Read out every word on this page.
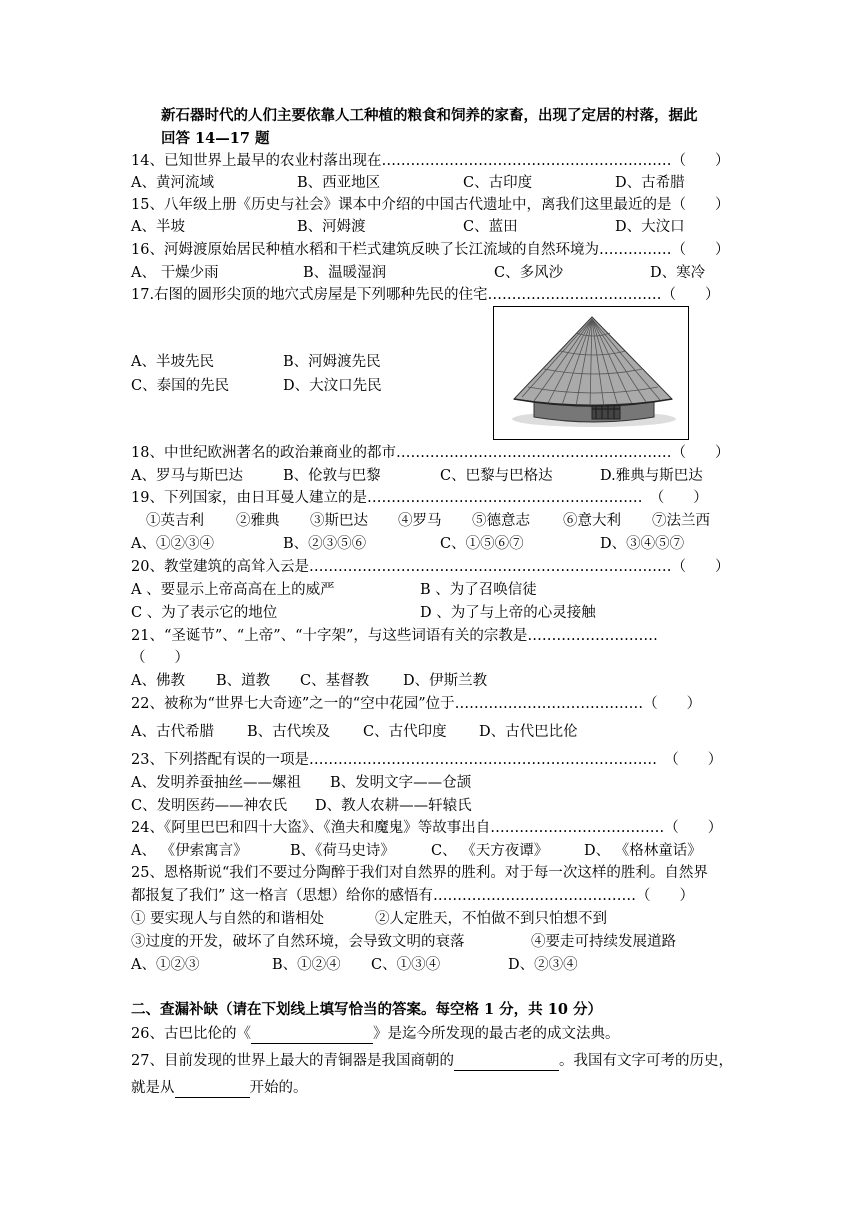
新石器时代的人们主要依靠人工种植的粮食和饲养的家畜，出现了定居的村落，据此
回答 14—17 题
14、已知世界上最早的农业村落出现在……………………………………………………（　　）
A、黄河流域	B、西亚地区	C、古印度	D、古希腊
15、八年级上册《历史与社会》课本中介绍的中国古代遗址中，离我们这里最近的是（　　）
A、半坡	B、河姆渡	C、蓝田	D、大汶口
16、河姆渡原始居民种植水稻和干栏式建筑反映了长江流域的自然环境为……………（　　）
A、 干燥少雨	B、温暖湿润	C、多风沙	D、寒冷
17.右图的圆形尖顶的地穴式房屋是下列哪种先民的住宅………………………………（　　）
A、半坡先民	B、河姆渡先民
C、泰国的先民	D、大汶口先民
18、中世纪欧洲著名的政治兼商业的都市…………………………………………………（　　）
A、罗马与斯巴达	B、伦敦与巴黎	C、巴黎与巴格达	D.雅典与斯巴达
19、下列国家，由日耳曼人建立的是…………………………………………………　（　　）
①英吉利 ②雅典 ③斯巴达 ④罗马 ⑤德意志 ⑥意大利 ⑦法兰西
A、①②③④	B、②③⑤⑥	C、①⑤⑥⑦	D、③④⑤⑦
20、教堂建筑的高耸入云是…………………………………………………………………（　　）
A 、要显示上帝高高在上的威严	B 、为了召唤信徒
C 、为了表示它的地位	D 、为了与上帝的心灵接触
21、“圣诞节”、“上帝”、“十字架”，与这些词语有关的宗教是………………………
（　　）
A、佛教 B、道教 C、基督教 D、伊斯兰教
22、被称为“世界七大奇迹”之一的“空中花园”位于…………………………………（　　）
A、古代希腊 B、古代埃及 C、古代印度 D、古代巴比伦
23、下列搭配有误的一项是………………………………………………………………　（　　）
A、发明养蚕抽丝——嫘祖 B、发明文字——仓颉
C、发明医药——神农氏 D、教人农耕——轩辕氏
24、《阿里巴巴和四十大盗》、《渔夫和魔鬼》等故事出自………………………………（　　）
A、 《伊索寓言》	B、《荷马史诗》 C、 《天方夜谭》 D、 《格林童话》
25、恩格斯说“我们不要过分陶醉于我们对自然界的胜利。对于每一次这样的胜利。自然界
都报复了我们” 这一格言（思想）给你的感悟有……………………………………（　　）
① 要实现人与自然的和谐相处	②人定胜天，不怕做不到只怕想不到
③过度的开发，破坏了自然环境，会导致文明的衰落	④要走可持续发展道路
A、①②③	B、①②④ C、①③④	D、②③④
二、查漏补缺（请在下划线上填写恰当的答案。每空格 1 分，共 10 分）
26、古巴比伦的《	》是迄今所发现的最古老的成文法典。
27、目前发现的世界上最大的青铜器是我国商朝的	。我国有文字可考的历史，
就是从	开始的。
